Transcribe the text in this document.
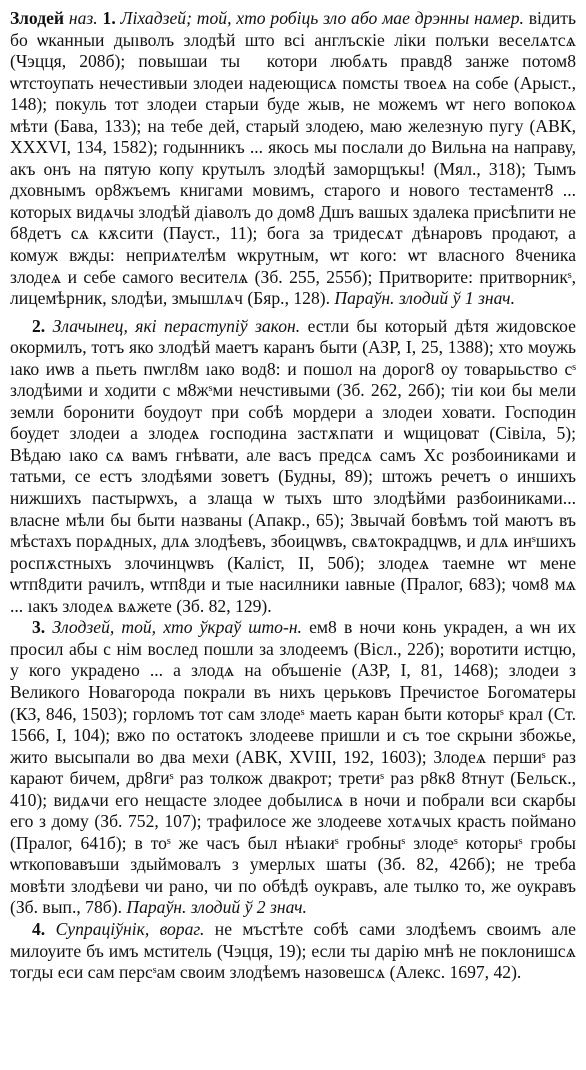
Злодей наз. 1. Ліхадзей; той, хто робіць зло або мае дрэнны намер. відить бо ѡканныи дыıволъ злодѣй што всі англъскіе ліки полъки веселѧтсѧ (Чэцця, 208б); повышаи тыᷯ котори любѧть правд8 занже потом8 ѡтстоупать нечестивыи злодеи надеющисѧ помсты твоеѧ на собе (Арыст., 148); покуль тот злодеи старыи буде жыв, не можемъ ѡт него вопокоѧ мѣти (Бава, 133); на тебе дей, старый злодею, маю железную пугу (АВК, XXXVI, 134, 1582); годынникъ ... якось мы послали до Вильна на направу, акъ онъ на пятую копу крутылъ злодѣй заморщъкы! (Мял., 318); Тымъ дховнымъ ор8жъемъ книгами мовимъ, старого и нового тестамент8 ... которых видѧчы злодѣй діаволъ до дом8 Дшъ вашых здалека присѣпити не б8детъ сѧ кѫсити (Пауст., 11); бога за тридесѧт дѣнаровъ продают, а комуж вжды: неприѧтелѣм ѡкрутным, ѡт кого: ѡт власного 8ченика злодеѧ и себе самого весителѧ (Зб. 255, 255б); Притворите: притворникˢ, лицемѣрник, ѕлодѣи, змышлѧч (Бяр., 128). Параўн. злодий ў 1 знач.

2. Злачынец, які пераступіў закон. естли бы который дѣтя жидовское окормилъ, тотъ яко злодѣй маетъ каранъ быти (АЗР, I, 25, 1388); хто моужь ıако иѡв а пьеть пѡгл8м ıако вод8: и пошол на дорог8 оу товарыьство сˢ злодѣими и ходити с м8жˢми нечстивыми (Зб. 262, 26б); тіи кои бы мели земли боронити боудоут при собѣ мордери а злодеи ховати. Господин боудет злодеи а злодеѧ господина застѫпати и ѡщицоват (Сівіла, 5); Вѣдаю ıако сѧ вамъ гнѣвати, але васъ предсѧ самъ Хс розбоиниками и татьми, се естъ злодѣями зоветъ (Будны, 89); штожъ речетъ о иншихъ нижшихъ пастырѡхъ, а злаща ѡ тыхъ што злодѣйми разбоиниками... власне мѣли бы быти названы (Апакр., 65); Звычай бовѣмъ той маютъ въ мѣстахъ порѧдных, длѧ злодѣевъ, збоицѡвъ, свѧтокрадцѡв, и длѧ инˢшихъ роспѫстныхъ злочинцѡвъ (Каліст, II, 50б); злодеѧ таемне ѡт мене ѡтп8дити рачилъ, ѡтп8ди и тые насилники ıавные (Пралог, 683); чом8 мѧ ... ıакъ злодеѧ вѧжете (Зб. 82, 129).

3. Злодзей, той, хто ўкраў што-н. ем8 в ночи конь украден, а ѡн их просил абы с нім вослед пошли за злодеемъ (Вісл., 22б); воротити истцю, у кого украдено ... а злодѧ на объшеніе (АЗР, I, 81, 1468); злодеи з Великого Новагорода покрали въ нихъ церьковъ Пречистое Богоматеры (КЗ, 846, 1503); горломъ тот сам злодеˢ маеть каран быти которыˢ крал (Ст. 1566, I, 104); вжо по остатокъ злодееве пришли и съ тое скрыни збожье, жито высыпали во два мехи (АВК, XVIII, 192, 1603); Злодеѧ першиˢ раз карают бичем, др8гиˢ раз толкож двакрот; третиˢ раз р8к8 8тнут (Бельск., 410); видѧчи его нещасте злодее добылисѧ в ночи и побрали вси скарбы его з дому (Зб. 752, 107); трафилосе же злодееве хотѧчых красть поймано (Пралог, 641б); в тоˢ же часъ был нѣıакиˢ гробныˢ злодеˢ которыˢ гробы ѡткоповавъши здыймовалъ з умерлых шаты (Зб. 82, 426б); не треба мовѣти злодѣеви чи рано, чи по обѣдѣ оукравъ, але тылко то, же оукравъ (Зб. вып., 78б). Параўн. злодий ў 2 знач.

4. Супрацiўнік, вораг. не мъстѣте собѣ сами злодѣемъ своимъ але милоуите бъ имъ мститель (Чэцця, 19); если ты дарію мнѣ не поклонишсѧ тогды еси сам персˢам своим злодѣемъ назовешсѧ (Алекс. 1697, 42).
